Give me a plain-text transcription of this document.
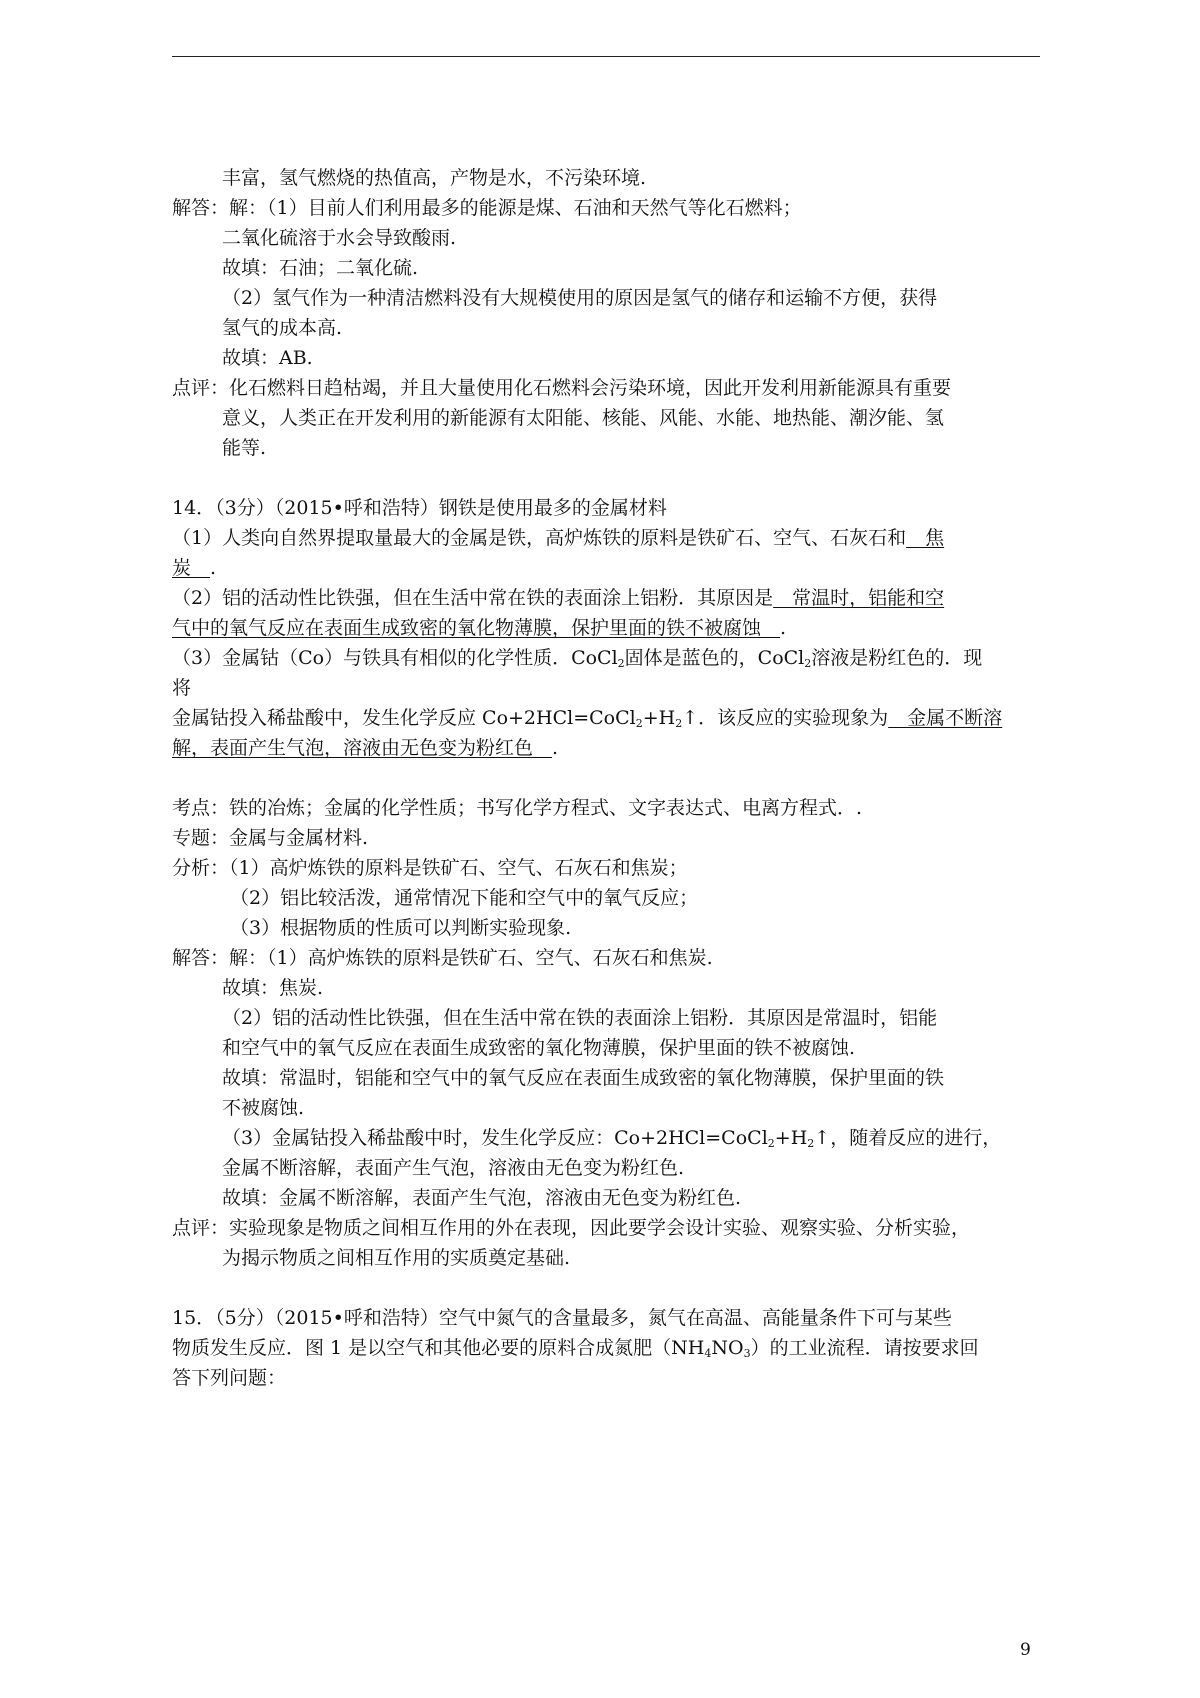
丰富，氢气燃烧的热值高，产物是水，不污染环境.
解答：解：（1）目前人们利用最多的能源是煤、石油和天然气等化石燃料；
二氧化硫溶于水会导致酸雨.
故填：石油；二氧化硫.
（2）氢气作为一种清洁燃料没有大规模使用的原因是氢气的储存和运输不方便，获得
氢气的成本高.
故填：AB.
点评：化石燃料日趋枯竭，并且大量使用化石燃料会污染环境，因此开发利用新能源具有重要
意义，人类正在开发利用的新能源有太阳能、核能、风能、水能、地热能、潮汐能、氢
能等.
14．（3分）（2015•呼和浩特）钢铁是使用最多的金属材料
（1）人类向自然界提取量最大的金属是铁，高炉炼铁的原料是铁矿石、空气、石灰石和　焦
炭　.
（2）铝的活动性比铁强，但在生活中常在铁的表面涂上铝粉．其原因是　常温时，铝能和空
气中的氧气反应在表面生成致密的氧化物薄膜，保护里面的铁不被腐蚀　.
（3）金属钴（Co）与铁具有相似的化学性质．CoCl$_2$固体是蓝色的，CoCl$_2$溶液是粉红色的．现
将
金属钴投入稀盐酸中，发生化学反应 $Co+2HCl=CoCl_2+H_2↑$．该反应的实验现象为　金属不断溶
解，表面产生气泡，溶液由无色变为粉红色　.
考点：铁的冶炼；金属的化学性质；书写化学方程式、文字表达式、电离方程式．.
专题：金属与金属材料.
分析：（1）高炉炼铁的原料是铁矿石、空气、石灰石和焦炭；
（2）铝比较活泼，通常情况下能和空气中的氧气反应；
（3）根据物质的性质可以判断实验现象.
解答：解：（1）高炉炼铁的原料是铁矿石、空气、石灰石和焦炭.
故填：焦炭.
（2）铝的活动性比铁强，但在生活中常在铁的表面涂上铝粉．其原因是常温时，铝能
和空气中的氧气反应在表面生成致密的氧化物薄膜，保护里面的铁不被腐蚀.
故填：常温时，铝能和空气中的氧气反应在表面生成致密的氧化物薄膜，保护里面的铁
不被腐蚀.
（3）金属钴投入稀盐酸中时，发生化学反应：$Co+2HCl=CoCl_2+H_2↑$，随着反应的进行，
金属不断溶解，表面产生气泡，溶液由无色变为粉红色.
故填：金属不断溶解，表面产生气泡，溶液由无色变为粉红色.
点评：实验现象是物质之间相互作用的外在表现，因此要学会设计实验、观察实验、分析实验，
为揭示物质之间相互作用的实质奠定基础.
15．（5分）（2015•呼和浩特）空气中氮气的含量最多，氮气在高温、高能量条件下可与某些
物质发生反应．图 1 是以空气和其他必要的原料合成氮肥$(NH_4NO_3)$的工业流程．请按要求回
答下列问题：
9
